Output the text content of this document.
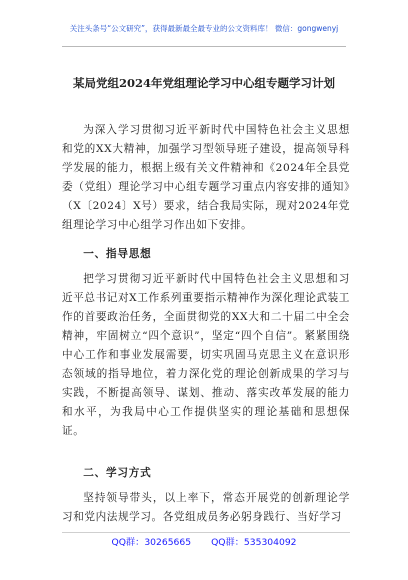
关注头条号“公文研究”，获得最新最全最专业的公文资料库！ 微信：gongwenyj
某局党组2024年党组理论学习中心组专题学习计划

为深入学习贯彻习近平新时代中国特色社会主义思想和党的XX大精神，加强学习型领导班子建设，提高领导科学发展的能力，根据上级有关文件精神和《2024年全县党委（党组）理论学习中心组专题学习重点内容安排的通知》（X〔2024〕X号）要求，结合我局实际，现对2024年党组理论学习中心组学习作出如下安排。

一、指导思想

把学习贯彻习近平新时代中国特色社会主义思想和习近平总书记对X工作系列重要指示精神作为深化理论武装工作的首要政治任务，全面贯彻党的XX大和二十届二中全会精神，牢固树立“四个意识”，坚定“四个自信”。紧紧围绕中心工作和事业发展需要，切实巩固马克思主义在意识形态领域的指导地位，着力深化党的理论创新成果的学习与实践，不断提高领导、谋划、推动、落实改革发展的能力和水平，为我局中心工作提供坚实的理论基础和思想保证。

二、学习方式

坚持领导带头，以上率下，常态开展党的创新理论学习和党内法规学习。各党组成员务必躬身践行、当好学习

QQ群：30265665 QQ群：535304092
